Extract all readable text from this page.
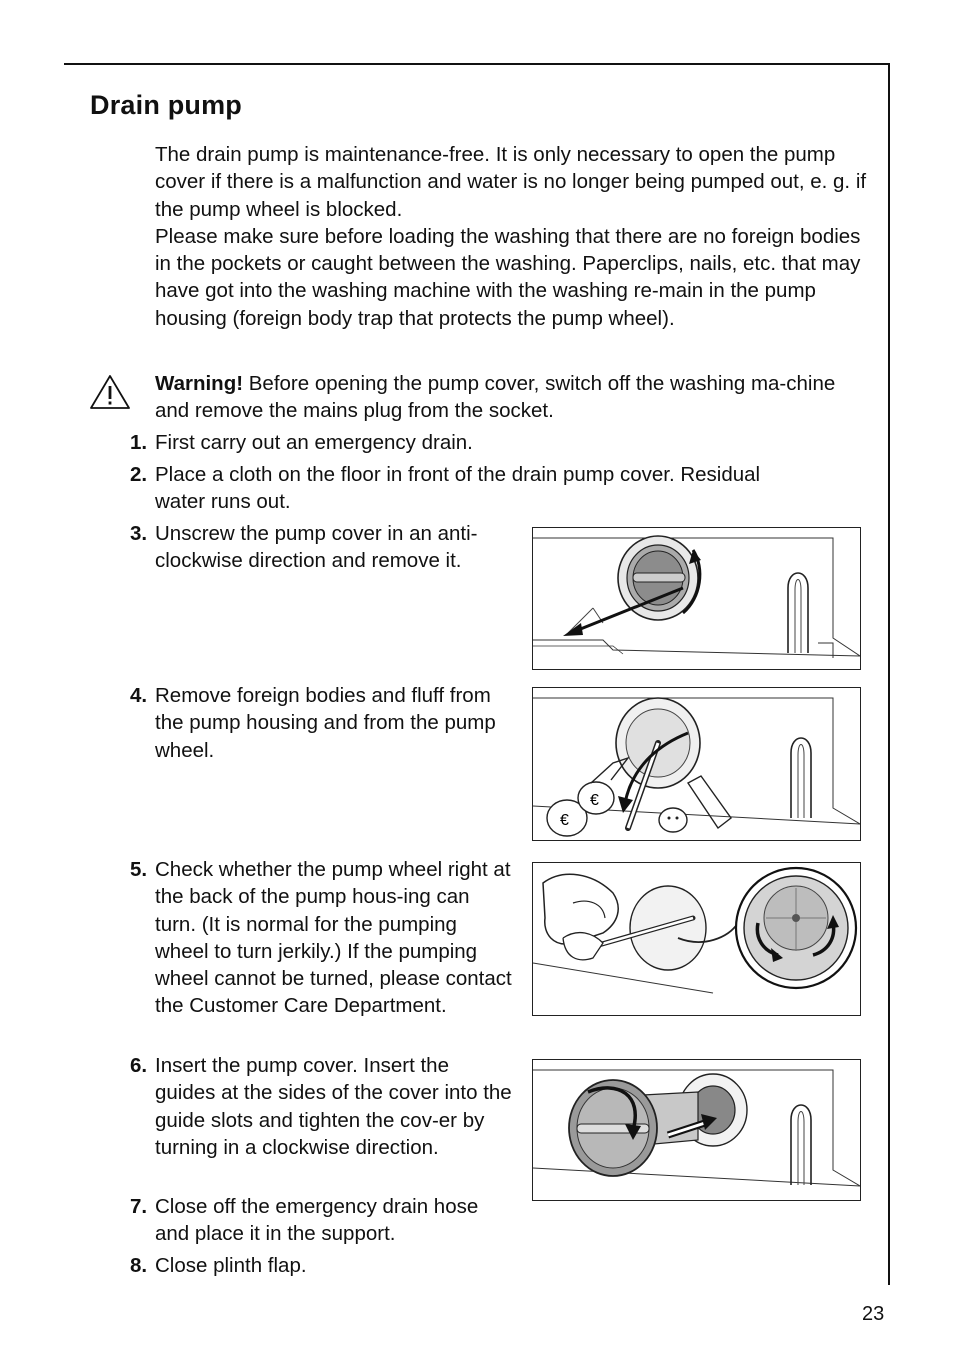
Drain pump

The drain pump is maintenance-free. It is only necessary to open the pump cover if there is a malfunction and water is no longer being pumped out, e. g. if the pump wheel is blocked.

Please make sure before loading the washing that there are no foreign bodies in the pockets or caught between the washing. Paperclips, nails, etc. that may have got into the washing machine with the washing re-main in the pump housing (foreign body trap that protects the pump wheel).

Warning! Before opening the pump cover, switch off the washing ma-chine and remove the mains plug from the socket.

1. First carry out an emergency drain.
2. Place a cloth on the floor in front of the drain pump cover. Residual water runs out.
3. Unscrew the pump cover in an anti-clockwise direction and remove it.
4. Remove foreign bodies and fluff from the pump housing and from the pump wheel.
5. Check whether the pump wheel right at the back of the pump hous-ing can turn. (It is normal for the pumping wheel to turn jerkily.) If the pumping wheel cannot be turned, please contact the Customer Care Department.
6. Insert the pump cover. Insert the guides at the sides of the cover into the guide slots and tighten the cov-er by turning in a clockwise direction.
7. Close off the emergency drain hose and place it in the support.
8. Close plinth flap.
€
€
23
